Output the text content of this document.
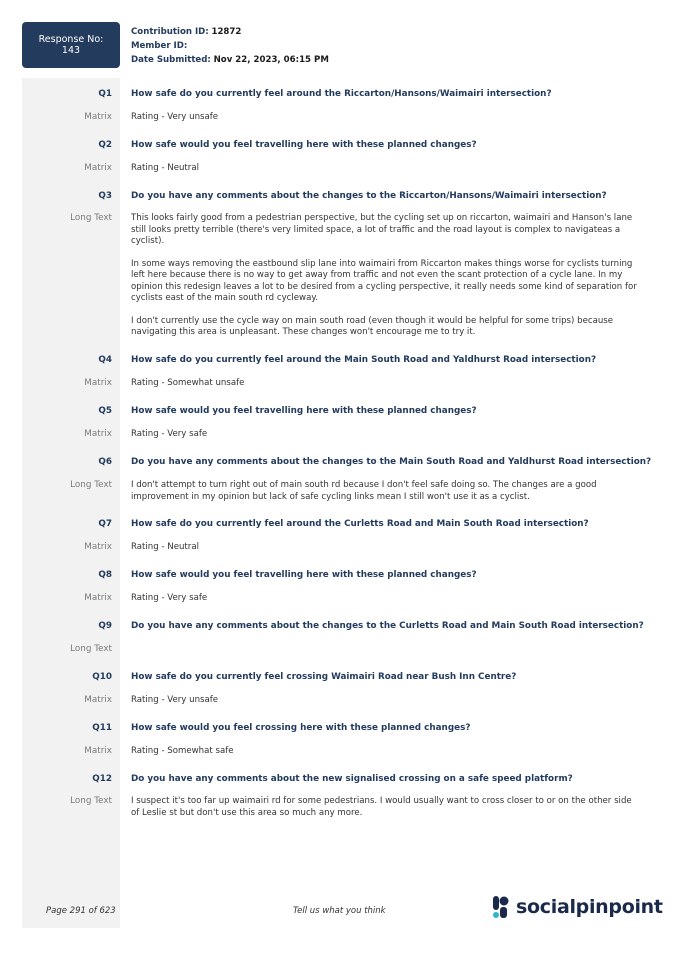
Response No:
143
Contribution ID: 12872
Member ID:
Date Submitted: Nov 22, 2023, 06:15 PM
Q1 How safe do you currently feel around the Riccarton/Hansons/Waimairi intersection?
Matrix Rating - Very unsafe

Q2 How safe would you feel travelling here with these planned changes?
Matrix Rating - Neutral

Q3 Do you have any comments about the changes to the Riccarton/Hansons/Waimairi intersection?
Long Text This looks fairly good from a pedestrian perspective, but the cycling set up on riccarton, waimairi and Hanson's lane still looks pretty terrible (there's very limited space, a lot of traffic and the road layout is complex to navigateas a cyclist).

In some ways removing the eastbound slip lane into waimairi from Riccarton makes things worse for cyclists turning left here because there is no way to get away from traffic and not even the scant protection of a cycle lane. In my opinion this redesign leaves a lot to be desired from a cycling perspective, it really needs some kind of separation for cyclists east of the main south rd cycleway.

I don't currently use the cycle way on main south road (even though it would be helpful for some trips) because navigating this area is unpleasant. These changes won't encourage me to try it.

Q4 How safe do you currently feel around the Main South Road and Yaldhurst Road intersection?
Matrix Rating - Somewhat unsafe

Q5 How safe would you feel travelling here with these planned changes?
Matrix Rating - Very safe

Q6 Do you have any comments about the changes to the Main South Road and Yaldhurst Road intersection?
Long Text I don't attempt to turn right out of main south rd because I don't feel safe doing so. The changes are a good improvement in my opinion but lack of safe cycling links mean I still won't use it as a cyclist.

Q7 How safe do you currently feel around the Curletts Road and Main South Road intersection?
Matrix Rating - Neutral

Q8 How safe would you feel travelling here with these planned changes?
Matrix Rating - Very safe

Q9 Do you have any comments about the changes to the Curletts Road and Main South Road intersection?
Long Text
Q10 How safe do you currently feel crossing Waimairi Road near Bush Inn Centre?
Matrix Rating - Very unsafe

Q11 How safe would you feel crossing here with these planned changes?
Matrix Rating - Somewhat safe

Q12 Do you have any comments about the new signalised crossing on a safe speed platform?
Long Text I suspect it's too far up waimairi rd for some pedestrians. I would usually want to cross closer to or on the other side of Leslie st but don't use this area so much any more.

Page 291 of 623	Tell us what you think	socialpinpoint
